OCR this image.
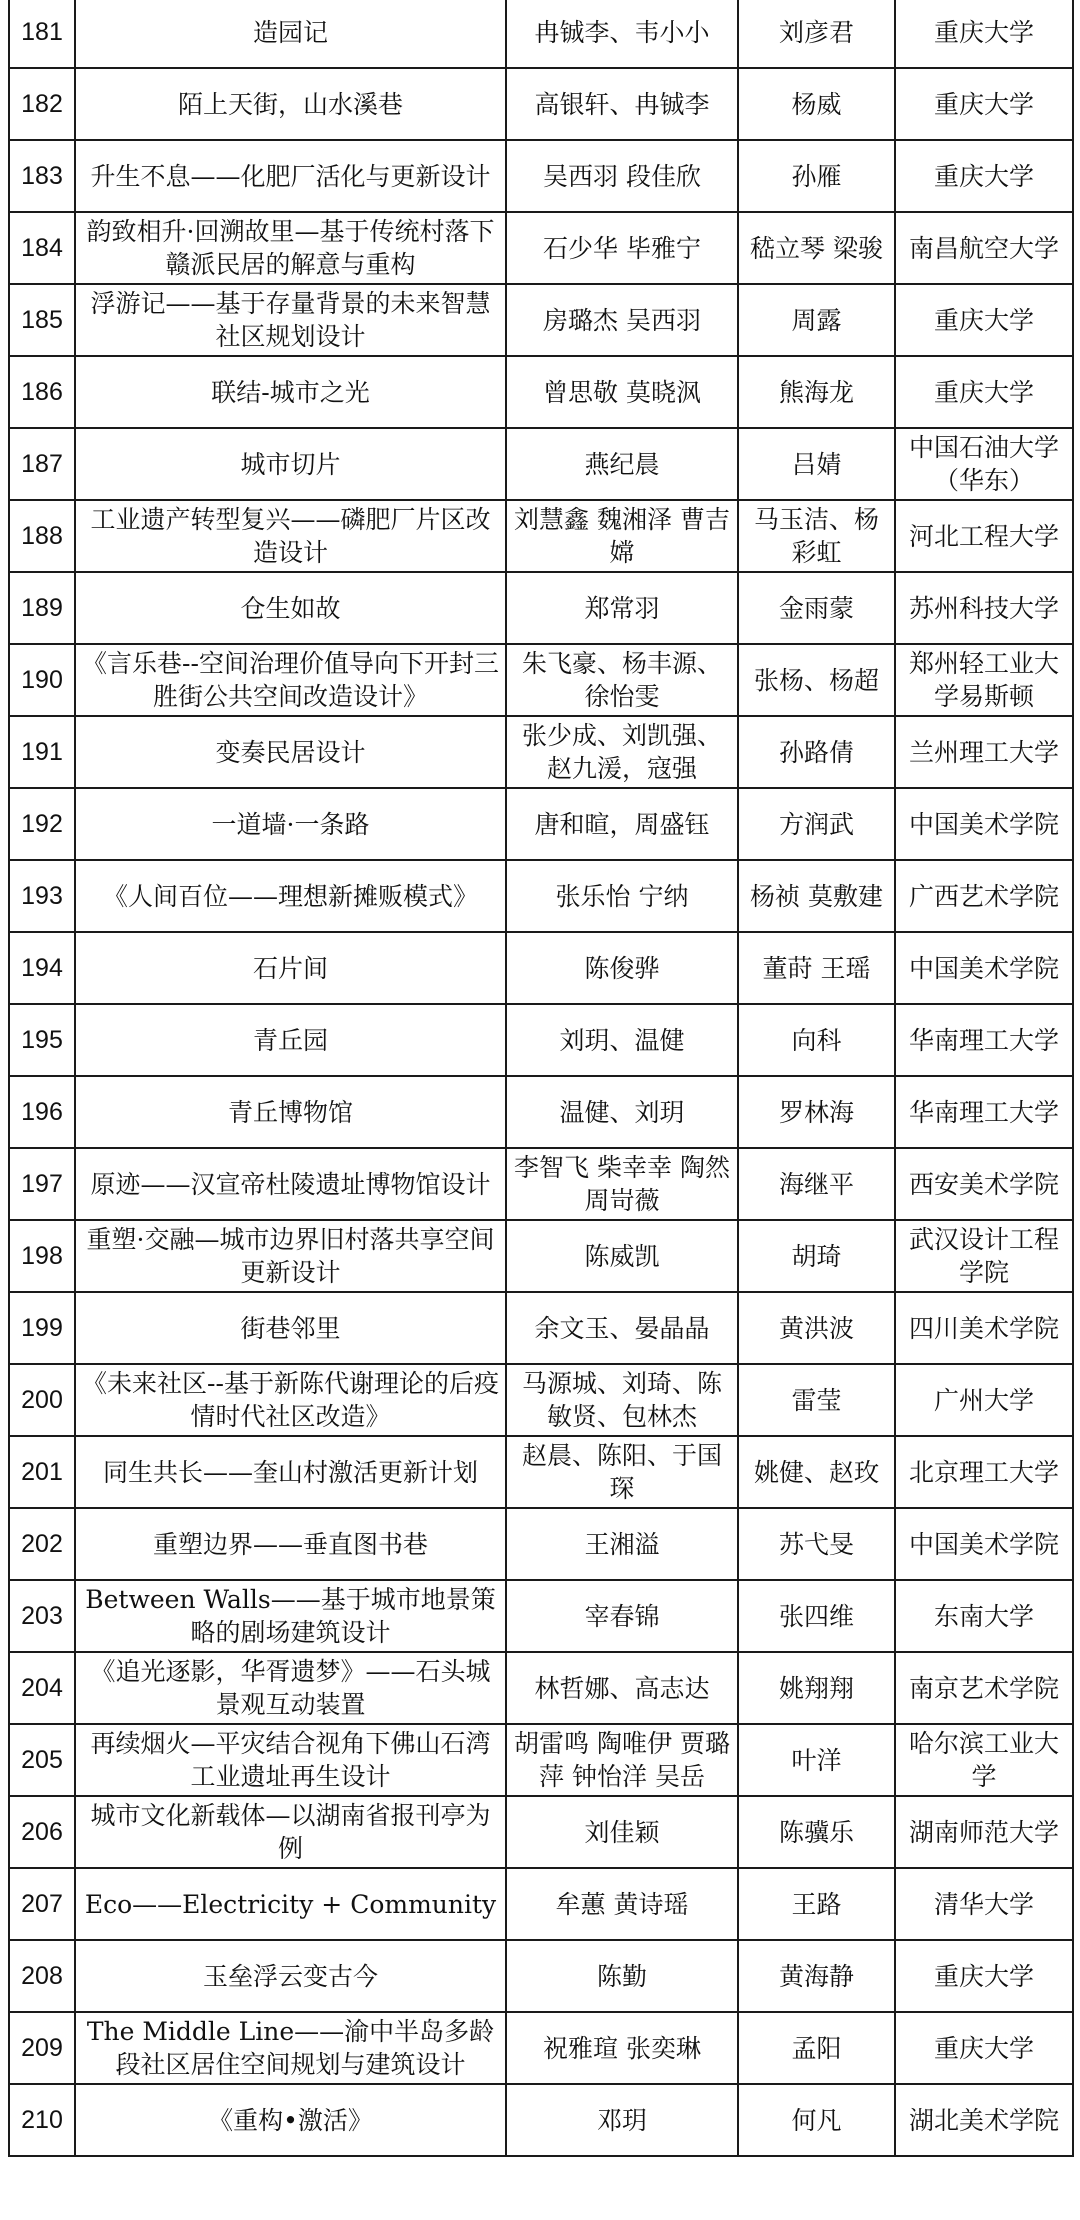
181	造园记	冉铖李、韦小小	刘彦君	重庆大学
182	陌上天街，山水溪巷	高银轩、冉铖李	杨威	重庆大学
183	升生不息——化肥厂活化与更新设计	吴西羽 段佳欣	孙雁	重庆大学
184	韵致相升·回溯故里—基于传统村落下赣派民居的解意与重构	石少华 毕雅宁	嵇立琴 梁骏	南昌航空大学
185	浮游记——基于存量背景的未来智慧社区规划设计	房璐杰 吴西羽	周露	重庆大学
186	联结-城市之光	曾思敬 莫晓沨	熊海龙	重庆大学
187	城市切片	燕纪晨	吕婧	中国石油大学（华东）
188	工业遗产转型复兴——磷肥厂片区改造设计	刘慧鑫 魏湘泽 曹吉嫦	马玉洁、杨彩虹	河北工程大学
189	仓生如故	郑常羽	金雨蒙	苏州科技大学
190	《言乐巷--空间治理价值导向下开封三胜街公共空间改造设计》	朱飞豪、杨丰源、徐怡雯	张杨、杨超	郑州轻工业大学易斯顿
191	变奏民居设计	张少成、刘凯强、赵九湲，寇强	孙路倩	兰州理工大学
192	一道墙·一条路	唐和暄，周盛钰	方润武	中国美术学院
193	《人间百位——理想新摊贩模式》	张乐怡 宁纳	杨祯 莫敷建	广西艺术学院
194	石片间	陈俊骅	董莳 王瑶	中国美术学院
195	青丘园	刘玥、温健	向科	华南理工大学
196	青丘博物馆	温健、刘玥	罗林海	华南理工大学
197	原迹——汉宣帝杜陵遗址博物馆设计	李智飞 柴幸幸 陶然 周岢薇	海继平	西安美术学院
198	重塑·交融—城市边界旧村落共享空间更新设计	陈威凯	胡琦	武汉设计工程学院
199	街巷邻里	余文玉、晏晶晶	黄洪波	四川美术学院
200	《未来社区--基于新陈代谢理论的后疫情时代社区改造》	马源城、刘琦、陈敏贤、包林杰	雷莹	广州大学
201	同生共长——奎山村激活更新计划	赵晨、陈阳、于国琛	姚健、赵玫	北京理工大学
202	重塑边界——垂直图书巷	王湘溢	苏弋旻	中国美术学院
203	Between Walls——基于城市地景策略的剧场建筑设计	宰春锦	张四维	东南大学
204	《追光逐影，华胥遗梦》——石头城景观互动装置	林哲娜、高志达	姚翔翔	南京艺术学院
205	再续烟火—平灾结合视角下佛山石湾工业遗址再生设计	胡雷鸣 陶唯伊 贾璐萍 钟怡洋 吴岳	叶洋	哈尔滨工业大学
206	城市文化新载体—以湖南省报刊亭为例	刘佳颖	陈骥乐	湖南师范大学
207	Eco——Electricity + Community	牟蕙 黄诗瑶	王路	清华大学
208	玉垒浮云变古今	陈勤	黄海静	重庆大学
209	The Middle Line——渝中半岛多龄段社区居住空间规划与建筑设计	祝雅瑄 张奕琳	孟阳	重庆大学
210	《重构•激活》	邓玥	何凡	湖北美术学院
